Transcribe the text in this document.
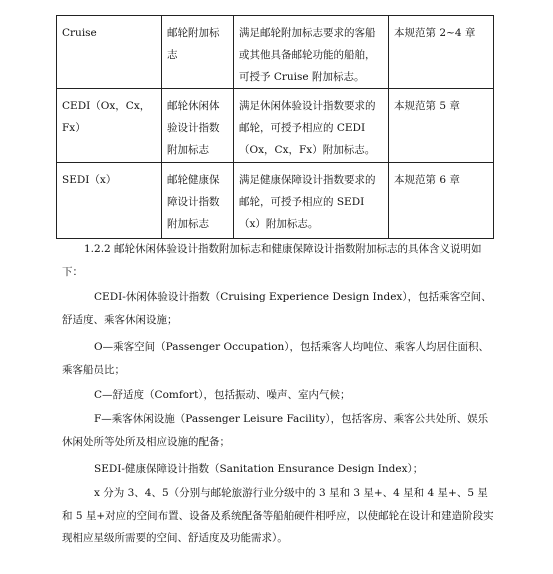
Cruise	邮轮附加标志	满足邮轮附加标志要求的客船或其他具备邮轮功能的船舶，可授予 Cruise 附加标志。	本规范第 2~4 章
CEDI（Ox，Cx，Fx）	邮轮休闲体验设计指数附加标志	满足休闲体验设计指数要求的邮轮，可授予相应的 CEDI（Ox，Cx，Fx）附加标志。	本规范第 5 章
SEDI（x）	邮轮健康保障设计指数附加标志	满足健康保障设计指数要求的邮轮，可授予相应的 SEDI（x）附加标志。	本规范第 6 章
1.2.2 邮轮休闲体验设计指数附加标志和健康保障设计指数附加标志的具体含义说明如下：
CEDI-休闲体验设计指数（Cruising Experience Design Index），包括乘客空间、舒适度、乘客休闲设施；
O—乘客空间（Passenger Occupation），包括乘客人均吨位、乘客人均居住面积、乘客船员比；
C—舒适度（Comfort），包括振动、噪声、室内气候；
F—乘客休闲设施（Passenger Leisure Facility），包括客房、乘客公共处所、娱乐休闲处所等处所及相应设施的配备；
SEDI-健康保障设计指数（Sanitation Ensurance Design Index）；
x 分为 3、4、5（分别与邮轮旅游行业分级中的 3 星和 3 星+、4 星和 4 星+、5 星和 5 星+对应的空间布置、设备及系统配备等船舶硬件相呼应，以使邮轮在设计和建造阶段实现相应星级所需要的空间、舒适度及功能需求）。
